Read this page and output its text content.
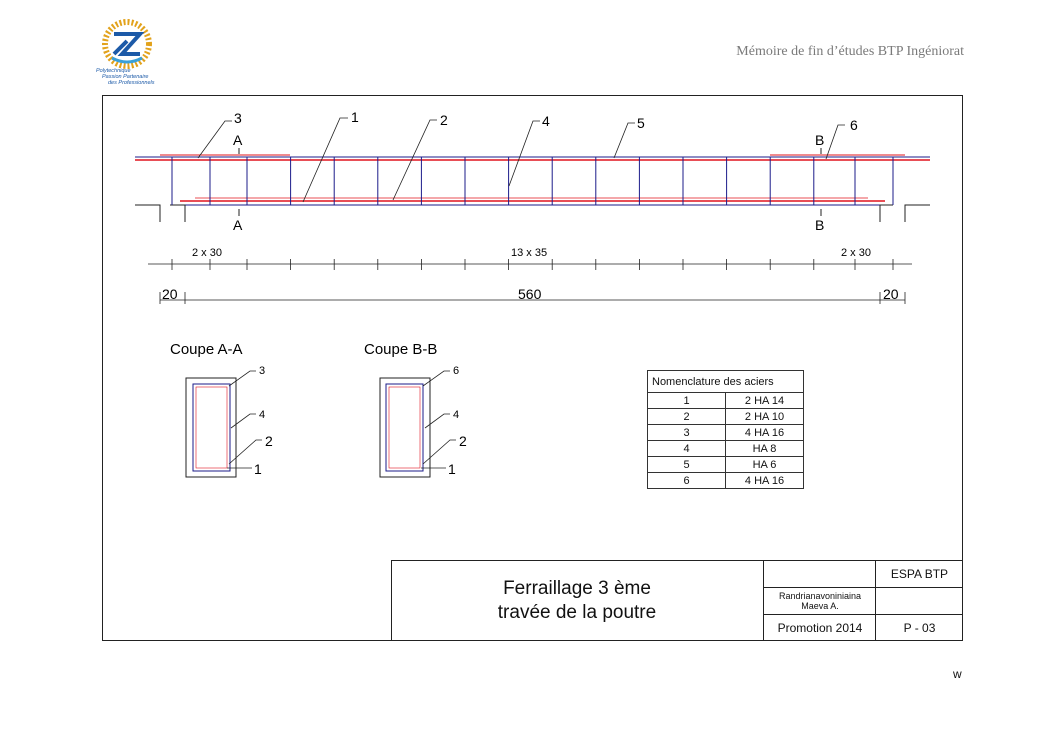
Polytechnique
Passion Partenaire
des Professionnels
Mémoire de fin d’études BTP Ingéniorat
3	1	2	4	5	6
A
A
B
B
2 x 30	13 x 35	2 x 30
20	560	20
Coupe A-A
3
4
2
1
Coupe B-B
6
4
2
1
Nomenclature des aciers	
1	2 HA 14
2	2 HA 10
3	4 HA 16
4	HA 8
5	HA 6
6	4 HA 16
Ferraillage 3 ème
travée de la poutre
ESPA BTP
Randrianavoniniaina
Maeva A.
Promotion 2014	P - 03
w
